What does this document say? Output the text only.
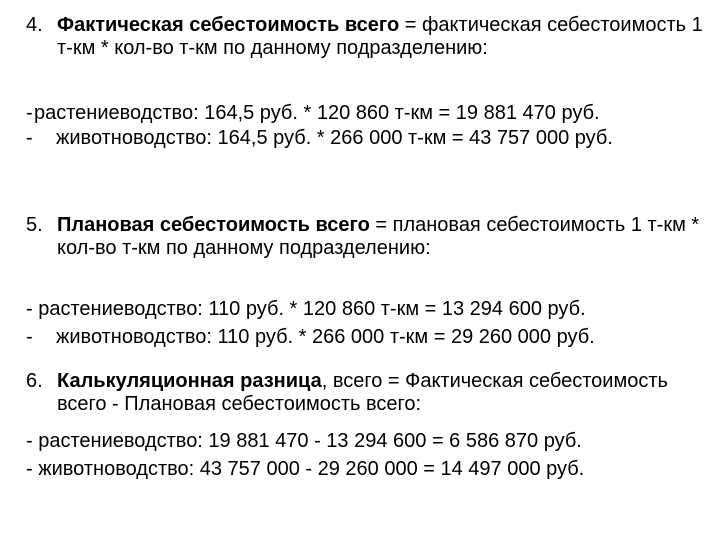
4. Фактическая себестоимость всего = фактическая себестоимость 1 т-км * кол-во т-км по данному подразделению:
- растениеводство: 164,5 руб. * 120 860 т-км = 19 881 470 руб.
- животноводство: 164,5 руб. * 266 000 т-км = 43 757 000 руб.
5. Плановая себестоимость всего = плановая себестоимость 1 т-км * кол-во т-км по данному подразделению:
- растениеводство: 110 руб. * 120 860 т-км = 13 294 600 руб.
- животноводство: 110 руб. * 266 000 т-км = 29 260 000 руб.
6. Калькуляционная разница, всего = Фактическая себестоимость всего - Плановая себестоимость всего:
- растениеводство: 19 881 470 - 13 294 600 = 6 586 870 руб.
- животноводство: 43 757 000 - 29 260 000 = 14 497 000 руб.
